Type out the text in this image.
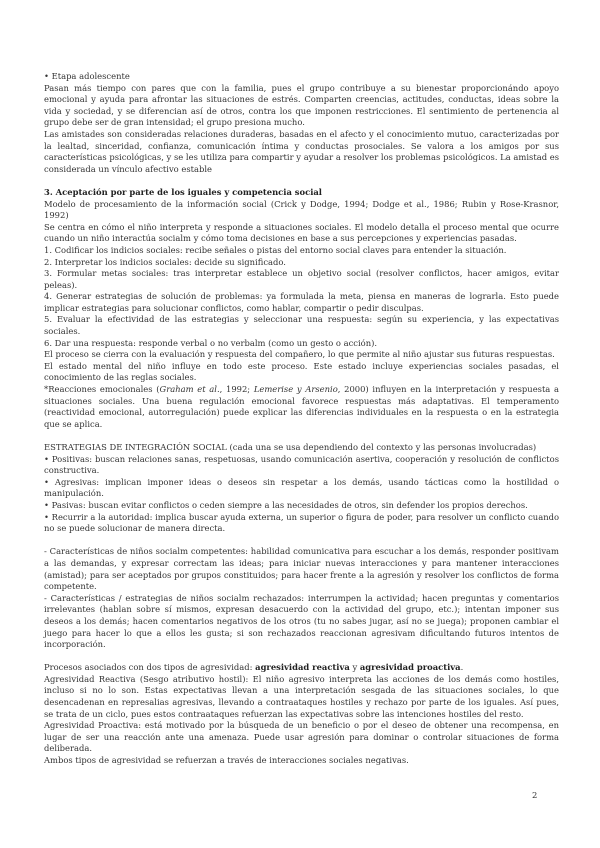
• Etapa adolescente

Pasan más tiempo con pares que con la familia, pues el grupo contribuye a su bienestar proporcionándo apoyo emocional y ayuda para afrontar las situaciones de estrés. Comparten creencias, actitudes, conductas, ideas sobre la vida y sociedad, y se diferencian así de otros, contra los que imponen restricciones. El sentimiento de pertenencia al grupo debe ser de gran intensidad; el grupo presiona mucho.

Las amistades son consideradas relaciones duraderas, basadas en el afecto y el conocimiento mutuo, caracterizadas por la lealtad, sinceridad, confianza, comunicación íntima y conductas prosociales. Se valora a los amigos por sus características psicológicas, y se les utiliza para compartir y ayudar a resolver los problemas psicológicos. La amistad es considerada un vínculo afectivo estable

3. Aceptación por parte de los iguales y competencia social

Modelo de procesamiento de la información social (Crick y Dodge, 1994; Dodge et al., 1986; Rubin y Rose-Krasnor, 1992)

Se centra en cómo el niño interpreta y responde a situaciones sociales. El modelo detalla el proceso mental que ocurre cuando un niño interactúa socialm y cómo toma decisiones en base a sus percepciones y experiencias pasadas.

1. Codificar los indicios sociales: recibe señales o pistas del entorno social claves para entender la situación.

2. Interpretar los indicios sociales: decide su significado.

3. Formular metas sociales: tras interpretar establece un objetivo social (resolver conflictos, hacer amigos, evitar peleas).

4. Generar estrategias de solución de problemas: ya formulada la meta, piensa en maneras de lograrla. Esto puede implicar estrategias para solucionar conflictos, como hablar, compartir o pedir disculpas.

5. Evaluar la efectividad de las estrategias y seleccionar una respuesta: según su experiencia, y las expectativas sociales.

6. Dar una respuesta: responde verbal o no verbalm (como un gesto o acción).

El proceso se cierra con la evaluación y respuesta del compañero, lo que permite al niño ajustar sus futuras respuestas.

El estado mental del niño influye en todo este proceso. Este estado incluye experiencias sociales pasadas, el conocimiento de las reglas sociales.

*Reacciones emocionales (Graham et al., 1992; Lemerise y Arsenio, 2000) influyen en la interpretación y respuesta a situaciones sociales. Una buena regulación emocional favorece respuestas más adaptativas. El temperamento (reactividad emocional, autorregulación) puede explicar las diferencias individuales en la respuesta o en la estrategia que se aplica.

ESTRATEGIAS DE INTEGRACIÓN SOCIAL (cada una se usa dependiendo del contexto y las personas involucradas)

• Positivas: buscan relaciones sanas, respetuosas, usando comunicación asertiva, cooperación y resolución de conflictos constructiva.

• Agresivas: implican imponer ideas o deseos sin respetar a los demás, usando tácticas como la hostilidad o manipulación.

• Pasivas: buscan evitar conflictos o ceden siempre a las necesidades de otros, sin defender los propios derechos.

• Recurrir a la autoridad: implica buscar ayuda externa, un superior o figura de poder, para resolver un conflicto cuando no se puede solucionar de manera directa.

- Características de niños socialm competentes: habilidad comunicativa para escuchar a los demás, responder positivam a las demandas, y expresar correctam las ideas; para iniciar nuevas interacciones y para mantener interacciones (amistad); para ser aceptados por grupos constituidos; para hacer frente a la agresión y resolver los conflictos de forma competente.

- Características / estrategias de niños socialm rechazados: interrumpen la actividad; hacen preguntas y comentarios irrelevantes (hablan sobre sí mismos, expresan desacuerdo con la actividad del grupo, etc.); intentan imponer sus deseos a los demás; hacen comentarios negativos de los otros (tu no sabes jugar, así no se juega); proponen cambiar el juego para hacer lo que a ellos les gusta; si son rechazados reaccionan agresivam dificultando futuros intentos de incorporación.

Procesos asociados con dos tipos de agresividad: agresividad reactiva y agresividad proactiva.

Agresividad Reactiva (Sesgo atributivo hostil): El niño agresivo interpreta las acciones de los demás como hostiles, incluso si no lo son. Estas expectativas llevan a una interpretación sesgada de las situaciones sociales, lo que desencadenan en represalias agresivas, llevando a contraataques hostiles y rechazo por parte de los iguales. Así pues, se trata de un ciclo, pues estos contraataques refuerzan las expectativas sobre las intenciones hostiles del resto.

Agresividad Proactiva: está motivado por la búsqueda de un beneficio o por el deseo de obtener una recompensa, en lugar de ser una reacción ante una amenaza. Puede usar agresión para dominar o controlar situaciones de forma deliberada.

Ambos tipos de agresividad se refuerzan a través de interacciones sociales negativas.

2
